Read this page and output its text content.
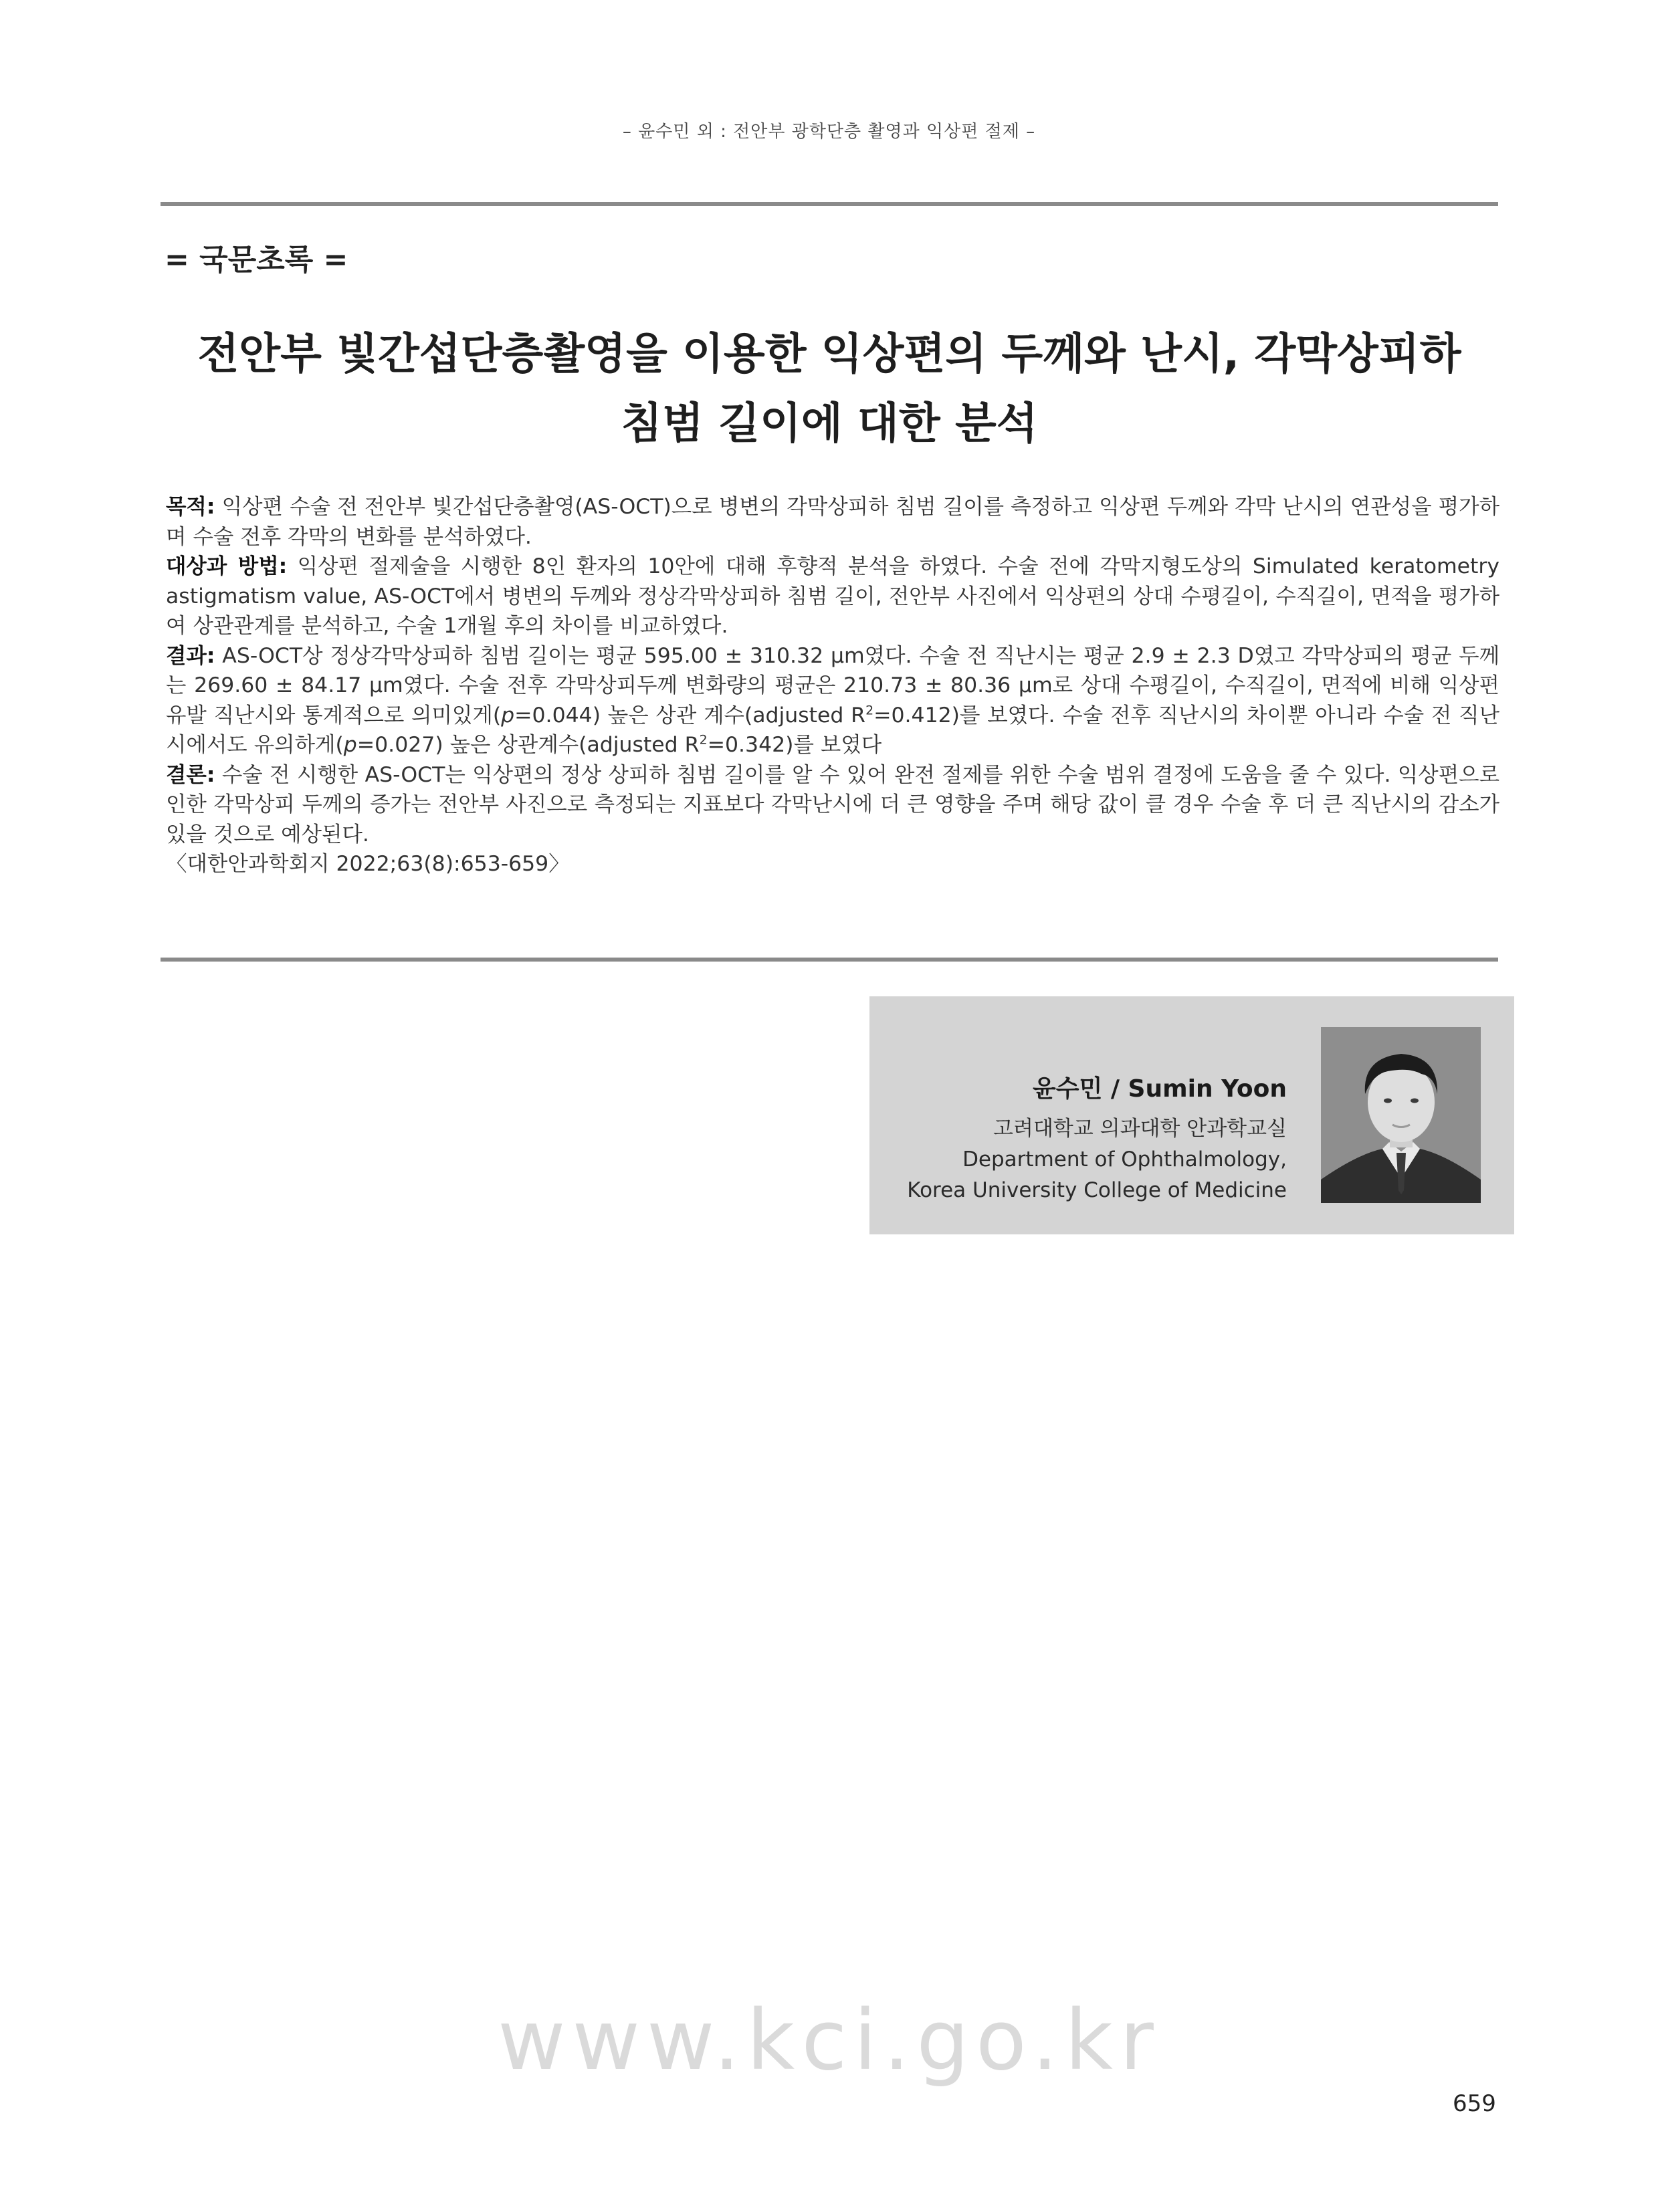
– 윤수민 외 : 전안부 광학단층 촬영과 익상편 절제 –
= 국문초록 =
전안부 빛간섭단층촬영을 이용한 익상편의 두께와 난시, 각막상피하
침범 길이에 대한 분석

목적: 익상편 수술 전 전안부 빛간섭단층촬영(AS-OCT)으로 병변의 각막상피하 침범 길이를 측정하고 익상편 두께와 각막 난시의 연관성을 평가하며 수술 전후 각막의 변화를 분석하였다.

대상과 방법: 익상편 절제술을 시행한 8인 환자의 10안에 대해 후향적 분석을 하였다. 수술 전에 각막지형도상의 Simulated keratometry astigmatism value, AS-OCT에서 병변의 두께와 정상각막상피하 침범 길이, 전안부 사진에서 익상편의 상대 수평길이, 수직길이, 면적을 평가하여 상관관계를 분석하고, 수술 1개월 후의 차이를 비교하였다.

결과: AS-OCT상 정상각막상피하 침범 길이는 평균 595.00 ± 310.32 μm였다. 수술 전 직난시는 평균 2.9 ± 2.3 D였고 각막상피의 평균 두께는 269.60 ± 84.17 μm였다. 수술 전후 각막상피두께 변화량의 평균은 210.73 ± 80.36 μm로 상대 수평길이, 수직길이, 면적에 비해 익상편 유발 직난시와 통계적으로 의미있게(p=0.044) 높은 상관 계수(adjusted $R^2=0.412$)를 보였다. 수술 전후 직난시의 차이뿐 아니라 수술 전 직난시에서도 유의하게(p=0.027) 높은 상관계수(adjusted $R^2=0.342$)를 보였다

결론: 수술 전 시행한 AS-OCT는 익상편의 정상 상피하 침범 길이를 알 수 있어 완전 절제를 위한 수술 범위 결정에 도움을 줄 수 있다. 익상편으로 인한 각막상피 두께의 증가는 전안부 사진으로 측정되는 지표보다 각막난시에 더 큰 영향을 주며 해당 값이 클 경우 수술 후 더 큰 직난시의 감소가 있을 것으로 예상된다.

〈대한안과학회지 2022;63(8):653-659〉

윤수민 / Sumin Yoon
고려대학교 의과대학 안과학교실
Department of Ophthalmology,
Korea University College of Medicine
www.kci.go.kr
659
